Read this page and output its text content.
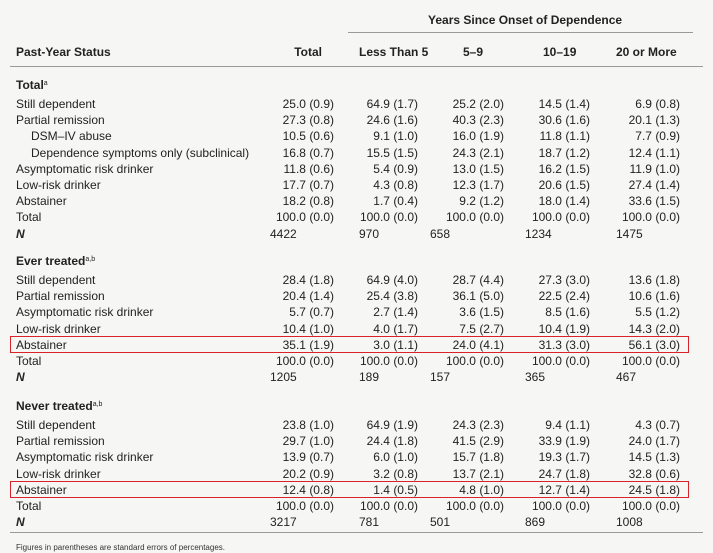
Years Since Onset of Dependence
Past-Year Status	Total	Less Than 5	5–9	10–19	20 or More
Total$^a$
Still dependent	25.0 (0.9)	64.9 (1.7)	25.2 (2.0)	14.5 (1.4)	6.9 (0.8)
Partial remission	27.3 (0.8)	24.6 (1.6)	40.3 (2.3)	30.6 (1.6)	20.1 (1.3)
DSM–IV abuse	10.5 (0.6)	9.1 (1.0)	16.0 (1.9)	11.8 (1.1)	7.7 (0.9)
Dependence symptoms only (subclinical)	16.8 (0.7)	15.5 (1.5)	24.3 (2.1)	18.7 (1.2)	12.4 (1.1)
Asymptomatic risk drinker	11.8 (0.6)	5.4 (0.9)	13.0 (1.5)	16.2 (1.5)	11.9 (1.0)
Low-risk drinker	17.7 (0.7)	4.3 (0.8)	12.3 (1.7)	20.6 (1.5)	27.4 (1.4)
Abstainer	18.2 (0.8)	1.7 (0.4)	9.2 (1.2)	18.0 (1.4)	33.6 (1.5)
Total	100.0 (0.0)	100.0 (0.0)	100.0 (0.0)	100.0 (0.0)	100.0 (0.0)
N	4422	970	658	1234	1475
Ever treated$^{a,b}$
Still dependent	28.4 (1.8)	64.9 (4.0)	28.7 (4.4)	27.3 (3.0)	13.6 (1.8)
Partial remission	20.4 (1.4)	25.4 (3.8)	36.1 (5.0)	22.5 (2.4)	10.6 (1.6)
Asymptomatic risk drinker	5.7 (0.7)	2.7 (1.4)	3.6 (1.5)	8.5 (1.6)	5.5 (1.2)
Low-risk drinker	10.4 (1.0)	4.0 (1.7)	7.5 (2.7)	10.4 (1.9)	14.3 (2.0)
Abstainer	35.1 (1.9)	3.0 (1.1)	24.0 (4.1)	31.3 (3.0)	56.1 (3.0)
Total	100.0 (0.0)	100.0 (0.0)	100.0 (0.0)	100.0 (0.0)	100.0 (0.0)
N	1205	189	157	365	467
Never treated$^{a,b}$
Still dependent	23.8 (1.0)	64.9 (1.9)	24.3 (2.3)	9.4 (1.1)	4.3 (0.7)
Partial remission	29.7 (1.0)	24.4 (1.8)	41.5 (2.9)	33.9 (1.9)	24.0 (1.7)
Asymptomatic risk drinker	13.9 (0.7)	6.0 (1.0)	15.7 (1.8)	19.3 (1.7)	14.5 (1.3)
Low-risk drinker	20.2 (0.9)	3.2 (0.8)	13.7 (2.1)	24.7 (1.8)	32.8 (0.6)
Abstainer	12.4 (0.8)	1.4 (0.5)	4.8 (1.0)	12.7 (1.4)	24.5 (1.8)
Total	100.0 (0.0)	100.0 (0.0)	100.0 (0.0)	100.0 (0.0)	100.0 (0.0)
N	3217	781	501	869	1008
Figures in parentheses are standard errors of percentages.
